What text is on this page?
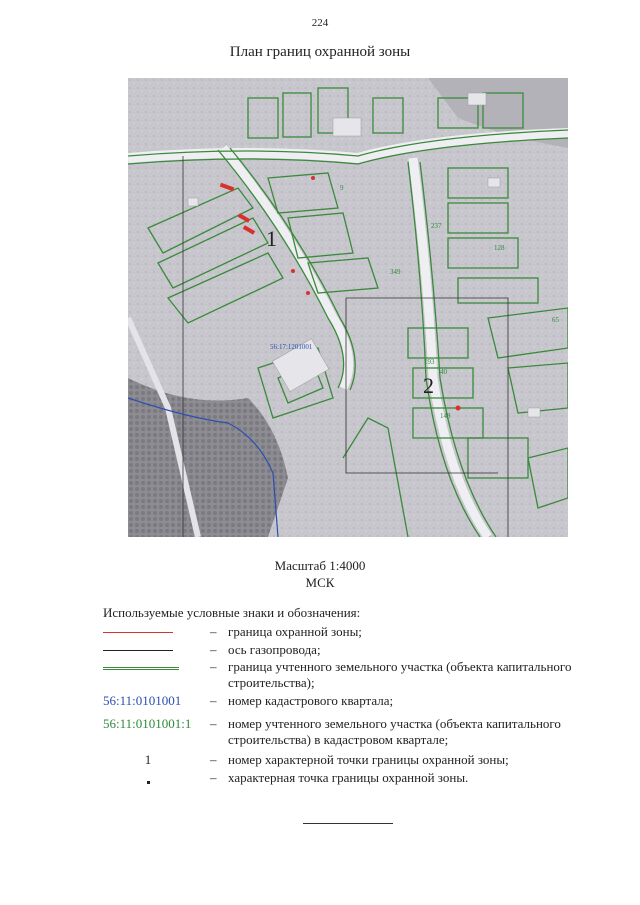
224
План границ охранной зоны
1
2
56:17:1201001
9
237
128
349
65
193
40
148
Масштаб 1:4000
МСК
Используемые условные знаки и обозначения:
– граница охранной зоны;
– ось газопровода;
– граница учтенного земельного участка (объекта капитального строительства);
56:11:0101001	– номер кадастрового квартала;
56:11:0101001:1	– номер учтенного земельного участка (объекта капитального строительства) в кадастровом квартале;
1	– номер характерной точки границы охранной зоны;
– характерная точка границы охранной зоны.
